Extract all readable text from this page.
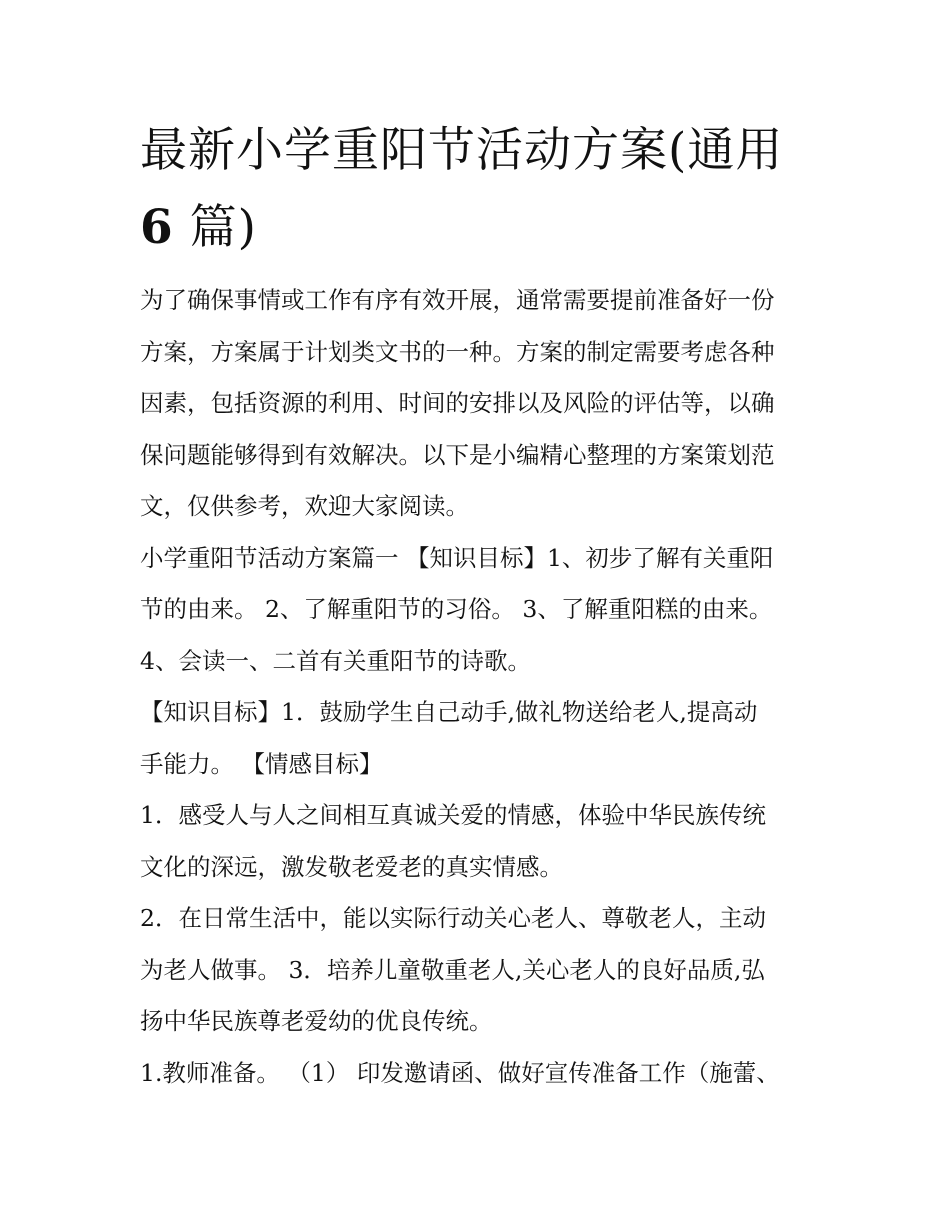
最新小学重阳节活动方案(通用
6 篇)

为了确保事情或工作有序有效开展，通常需要提前准备好一份
方案，方案属于计划类文书的一种。方案的制定需要考虑各种
因素，包括资源的利用、时间的安排以及风险的评估等，以确
保问题能够得到有效解决。以下是小编精心整理的方案策划范
文，仅供参考，欢迎大家阅读。

小学重阳节活动方案篇一 【知识目标】1、初步了解有关重阳
节的由来。 2、了解重阳节的习俗。 3、了解重阳糕的由来。
4、会读一、二首有关重阳节的诗歌。

【知识目标】1．鼓励学生自己动手,做礼物送给老人,提高动
手能力。 【情感目标】

1．感受人与人之间相互真诚关爱的情感，体验中华民族传统
文化的深远，激发敬老爱老的真实情感。

2．在日常生活中，能以实际行动关心老人、尊敬老人，主动
为老人做事。 3．培养儿童敬重老人,关心老人的良好品质,弘
扬中华民族尊老爱幼的优良传统。

1.教师准备。 （1） 印发邀请函、做好宣传准备工作（施蕾、
